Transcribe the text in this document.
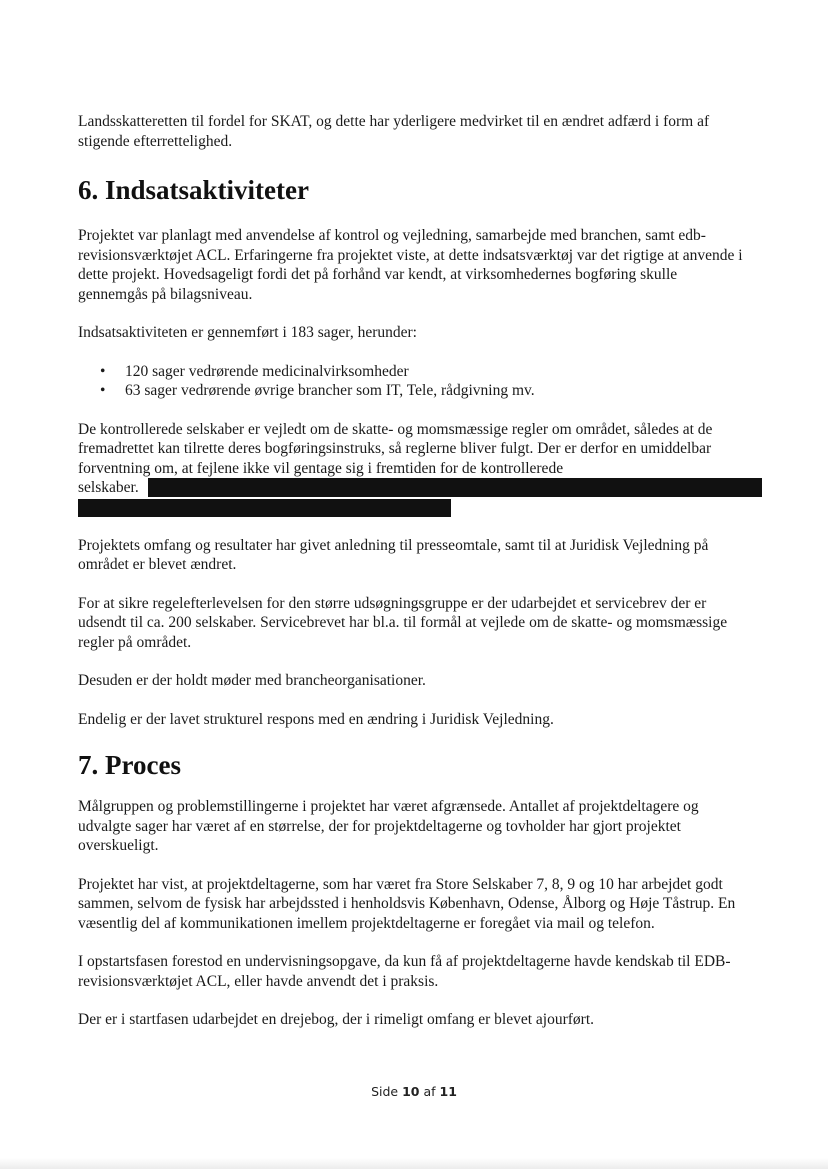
Landsskatteretten til fordel for SKAT, og dette har yderligere medvirket til en ændret adfærd i form af stigende efterrettelighed.

6. Indsatsaktiviteter

Projektet var planlagt med anvendelse af kontrol og vejledning, samarbejde med branchen, samt edb-revisionsværktøjet ACL. Erfaringerne fra projektet viste, at dette indsatsværktøj var det rigtige at anvende i dette projekt. Hovedsageligt fordi det på forhånd var kendt, at virksomhedernes bogføring skulle gennemgås på bilagsniveau.

Indsatsaktiviteten er gennemført i 183 sager, herunder:

• 120 sager vedrørende medicinalvirksomheder
• 63 sager vedrørende øvrige brancher som IT, Tele, rådgivning mv.

De kontrollerede selskaber er vejledt om de skatte- og momsmæssige regler om området, således at de fremadrettet kan tilrette deres bogføringsinstruks, så reglerne bliver fulgt. Der er derfor en umiddelbar forventning om, at fejlene ikke vil gentage sig i fremtiden for de kontrollerede

selskaber.

Projektets omfang og resultater har givet anledning til presseomtale, samt til at Juridisk Vejledning på området er blevet ændret.

For at sikre regelefterlevelsen for den større udsøgningsgruppe er der udarbejdet et servicebrev der er udsendt til ca. 200 selskaber. Servicebrevet har bl.a. til formål at vejlede om de skatte- og momsmæssige regler på området.

Desuden er der holdt møder med brancheorganisationer.

Endelig er der lavet strukturel respons med en ændring i Juridisk Vejledning.

7. Proces

Målgruppen og problemstillingerne i projektet har været afgrænsede. Antallet af projektdeltagere og udvalgte sager har været af en størrelse, der for projektdeltagerne og tovholder har gjort projektet overskueligt.

Projektet har vist, at projektdeltagerne, som har været fra Store Selskaber 7, 8, 9 og 10 har arbejdet godt sammen, selvom de fysisk har arbejdssted i henholdsvis København, Odense, Ålborg og Høje Tåstrup. En væsentlig del af kommunikationen imellem projektdeltagerne er foregået via mail og telefon.

I opstartsfasen forestod en undervisningsopgave, da kun få af projektdeltagerne havde kendskab til EDB-revisionsværktøjet ACL, eller havde anvendt det i praksis.

Der er i startfasen udarbejdet en drejebog, der i rimeligt omfang er blevet ajourført.

Side 10 af 11
